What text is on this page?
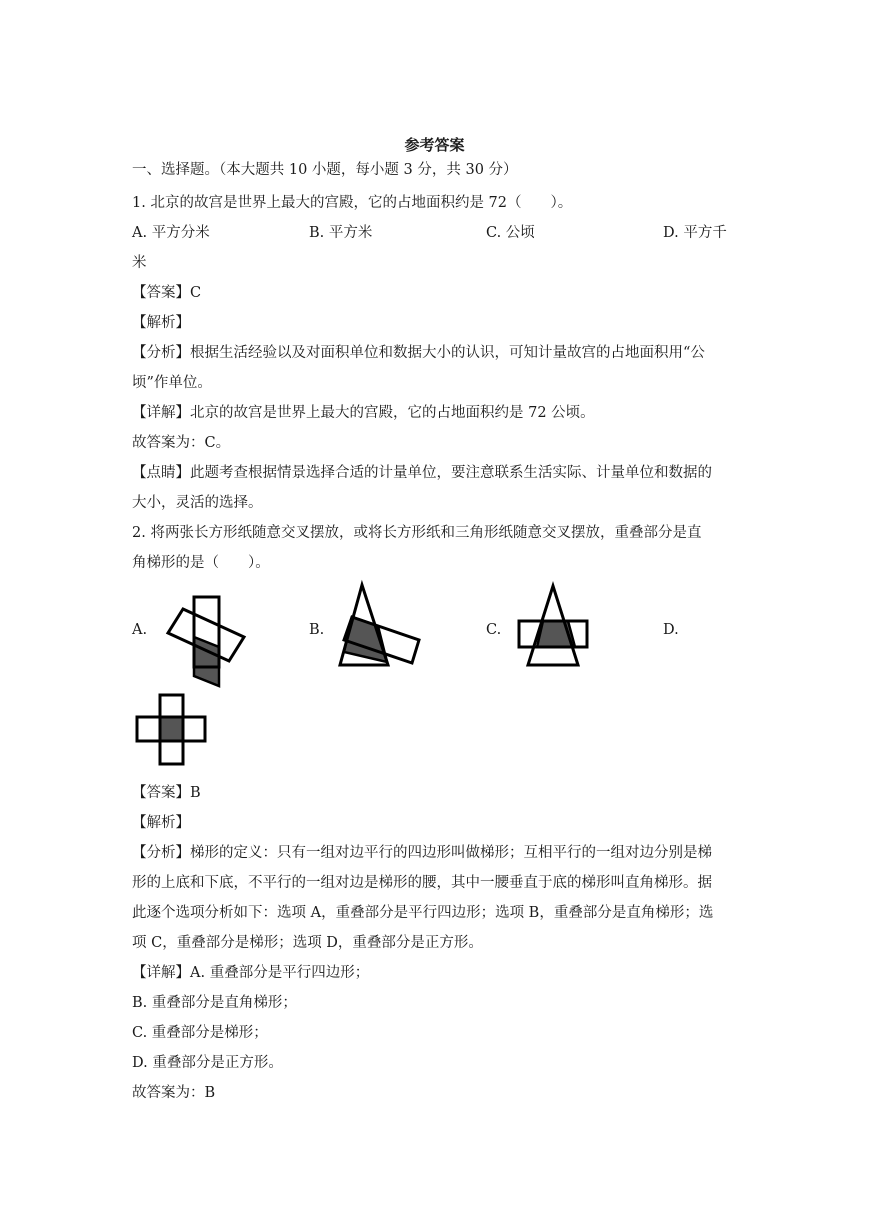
参考答案
一、选择题。（本大题共 10 小题，每小题 3 分，共 30 分）
1. 北京的故宫是世界上最大的宫殿，它的占地面积约是 72（　　）。
A. 平方分米	B. 平方米	C. 公顷	D. 平方千
米
【答案】C
【解析】
【分析】根据生活经验以及对面积单位和数据大小的认识，可知计量故宫的占地面积用“公
顷”作单位。
【详解】北京的故宫是世界上最大的宫殿，它的占地面积约是 72 公顷。
故答案为：C。
【点睛】此题考查根据情景选择合适的计量单位，要注意联系生活实际、计量单位和数据的
大小，灵活的选择。
2. 将两张长方形纸随意交叉摆放，或将长方形纸和三角形纸随意交叉摆放，重叠部分是直
角梯形的是（　　）。
A.	B.	C.	D.
【答案】B
【解析】
【分析】梯形的定义：只有一组对边平行的四边形叫做梯形；互相平行的一组对边分别是梯
形的上底和下底，不平行的一组对边是梯形的腰，其中一腰垂直于底的梯形叫直角梯形。据
此逐个选项分析如下：选项 A，重叠部分是平行四边形；选项 B，重叠部分是直角梯形；选
项 C，重叠部分是梯形；选项 D，重叠部分是正方形。
【详解】A. 重叠部分是平行四边形；
B. 重叠部分是直角梯形；
C. 重叠部分是梯形；
D. 重叠部分是正方形。
故答案为：B
